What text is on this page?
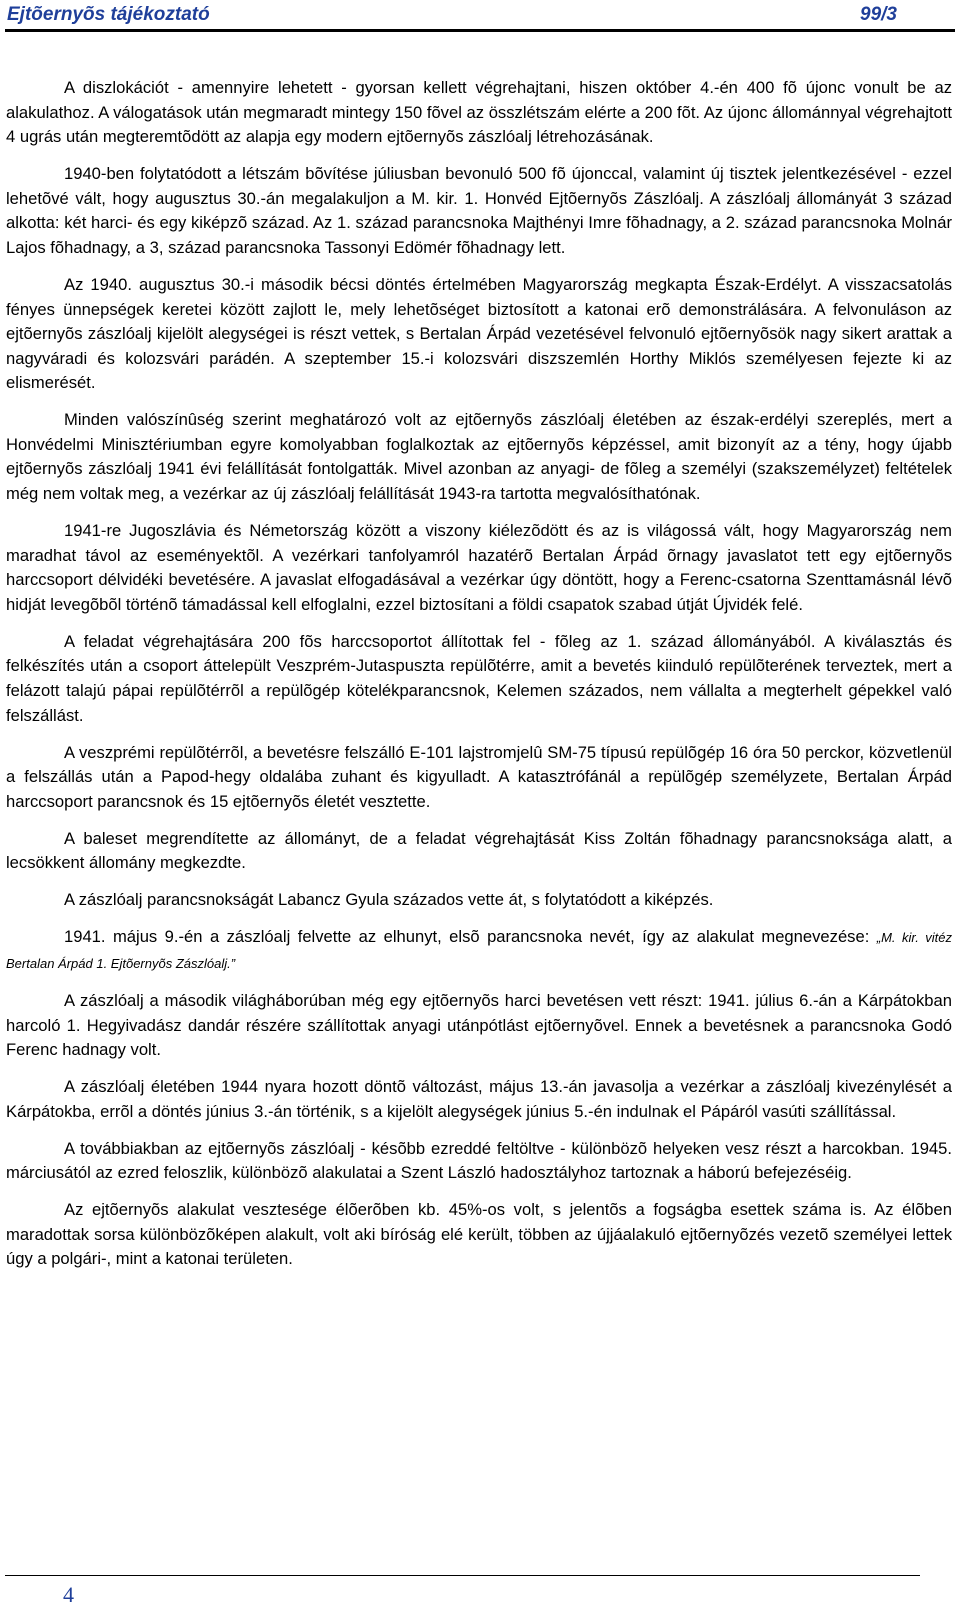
Ejtõernyõs tájékoztató	99/3

A diszlokációt - amennyire lehetett - gyorsan kellett végrehajtani, hiszen október 4.-én 400 fõ újonc vonult be az alakulathoz. A válogatások után megmaradt mintegy 150 fõvel az összlétszám elérte a 200 fõt. Az újonc állománnyal végrehajtott 4 ugrás után megteremtõdött az alapja egy modern ejtõernyõs zászlóalj létrehozásának.

1940-ben folytatódott a létszám bõvítése júliusban bevonuló 500 fõ újonccal, valamint új tisztek jelentkezésével - ezzel lehetõvé vált, hogy augusztus 30.-án megalakuljon a M. kir. 1. Honvéd Ejtõernyõs Zászlóalj. A zászlóalj állományát 3 század alkotta: két harci- és egy kiképzõ század. Az 1. század parancsnoka Majthényi Imre fõhadnagy, a 2. század parancsnoka Molnár Lajos fõhadnagy, a 3, század parancsnoka Tassonyi Edömér fõhadnagy lett.

Az 1940. augusztus 30.-i második bécsi döntés értelmében Magyarország megkapta Észak-Erdélyt. A visszacsatolás fényes ünnepségek keretei között zajlott le, mely lehetõséget biztosított a katonai erõ demonstrálására. A felvonuláson az ejtõernyõs zászlóalj kijelölt alegységei is részt vettek, s Bertalan Árpád vezetésével felvonuló ejtõernyõsök nagy sikert arattak a nagyváradi és kolozsvári parádén. A szeptember 15.-i kolozsvári diszszemlén Horthy Miklós személyesen fejezte ki az elismerését.

Minden valószínûség szerint meghatározó volt az ejtõernyõs zászlóalj életében az észak-erdélyi szereplés, mert a Honvédelmi Minisztériumban egyre komolyabban foglalkoztak az ejtõernyõs képzéssel, amit bizonyít az a tény, hogy újabb ejtõernyõs zászlóalj 1941 évi felállítását fontolgatták. Mivel azonban az anyagi- de fõleg a személyi (szakszemélyzet) feltételek még nem voltak meg, a vezérkar az új zászlóalj felállítását 1943-ra tartotta megvalósíthatónak.

1941-re Jugoszlávia és Németország között a viszony kiélezõdött és az is világossá vált, hogy Magyarország nem maradhat távol az eseményektõl. A vezérkari tanfolyamról hazatérõ Bertalan Árpád õrnagy javaslatot tett egy ejtõernyõs harccsoport délvidéki bevetésére. A javaslat elfogadásával a vezérkar úgy döntött, hogy a Ferenc-csatorna Szenttamásnál lévõ hidját levegõbõl történõ támadással kell elfoglalni, ezzel biztosítani a földi csapatok szabad útját Újvidék felé.

A feladat végrehajtására 200 fõs harccsoportot állítottak fel - fõleg az 1. század állományából. A kiválasztás és felkészítés után a csoport áttelepült Veszprém-Jutaspuszta repülõtérre, amit a bevetés kiinduló repülõterének terveztek, mert a felázott talajú pápai repülõtérrõl a repülõgép kötelékparancsnok, Kelemen százados, nem vállalta a megterhelt gépekkel való felszállást.

A veszprémi repülõtérrõl, a bevetésre felszálló E-101 lajstromjelû SM-75 típusú repülõgép 16 óra 50 perckor, közvetlenül a felszállás után a Papod-hegy oldalába zuhant és kigyulladt. A katasztrófánál a repülõgép személyzete, Bertalan Árpád harccsoport parancsnok és 15 ejtõernyõs életét vesztette.

A baleset megrendítette az állományt, de a feladat végrehajtását Kiss Zoltán fõhadnagy parancsnoksága alatt, a lecsökkent állomány megkezdte.

A zászlóalj parancsnokságát Labancz Gyula százados vette át, s folytatódott a kiképzés.

1941. május 9.-én a zászlóalj felvette az elhunyt, elsõ parancsnoka nevét, így az alakulat megnevezése: „M. kir. vitéz Bertalan Árpád 1. Ejtõernyõs Zászlóalj.”

A zászlóalj a második világháborúban még egy ejtõernyõs harci bevetésen vett részt: 1941. július 6.-án a Kárpátokban harcoló 1. Hegyivadász dandár részére szállítottak anyagi utánpótlást ejtõernyõvel. Ennek a bevetésnek a parancsnoka Godó Ferenc hadnagy volt.

A zászlóalj életében 1944 nyara hozott döntõ változást, május 13.-án javasolja a vezérkar a zászlóalj kivezénylését a Kárpátokba, errõl a döntés június 3.-án történik, s a kijelölt alegységek június 5.-én indulnak el Pápáról vasúti szállítással.

A továbbiakban az ejtõernyõs zászlóalj - késõbb ezreddé feltöltve - különbözõ helyeken vesz részt a harcokban. 1945. márciusától az ezred feloszlik, különbözõ alakulatai a Szent László hadosztályhoz tartoznak a háború befejezéséig.

Az ejtõernyõs alakulat vesztesége élõerõben kb. 45%-os volt, s jelentõs a fogságba esettek száma is. Az élõben maradottak sorsa különbözõképen alakult, volt aki bíróság elé került, többen az újjáalakuló ejtõernyõzés vezetõ személyei lettek úgy a polgári-, mint a katonai területen.

4
